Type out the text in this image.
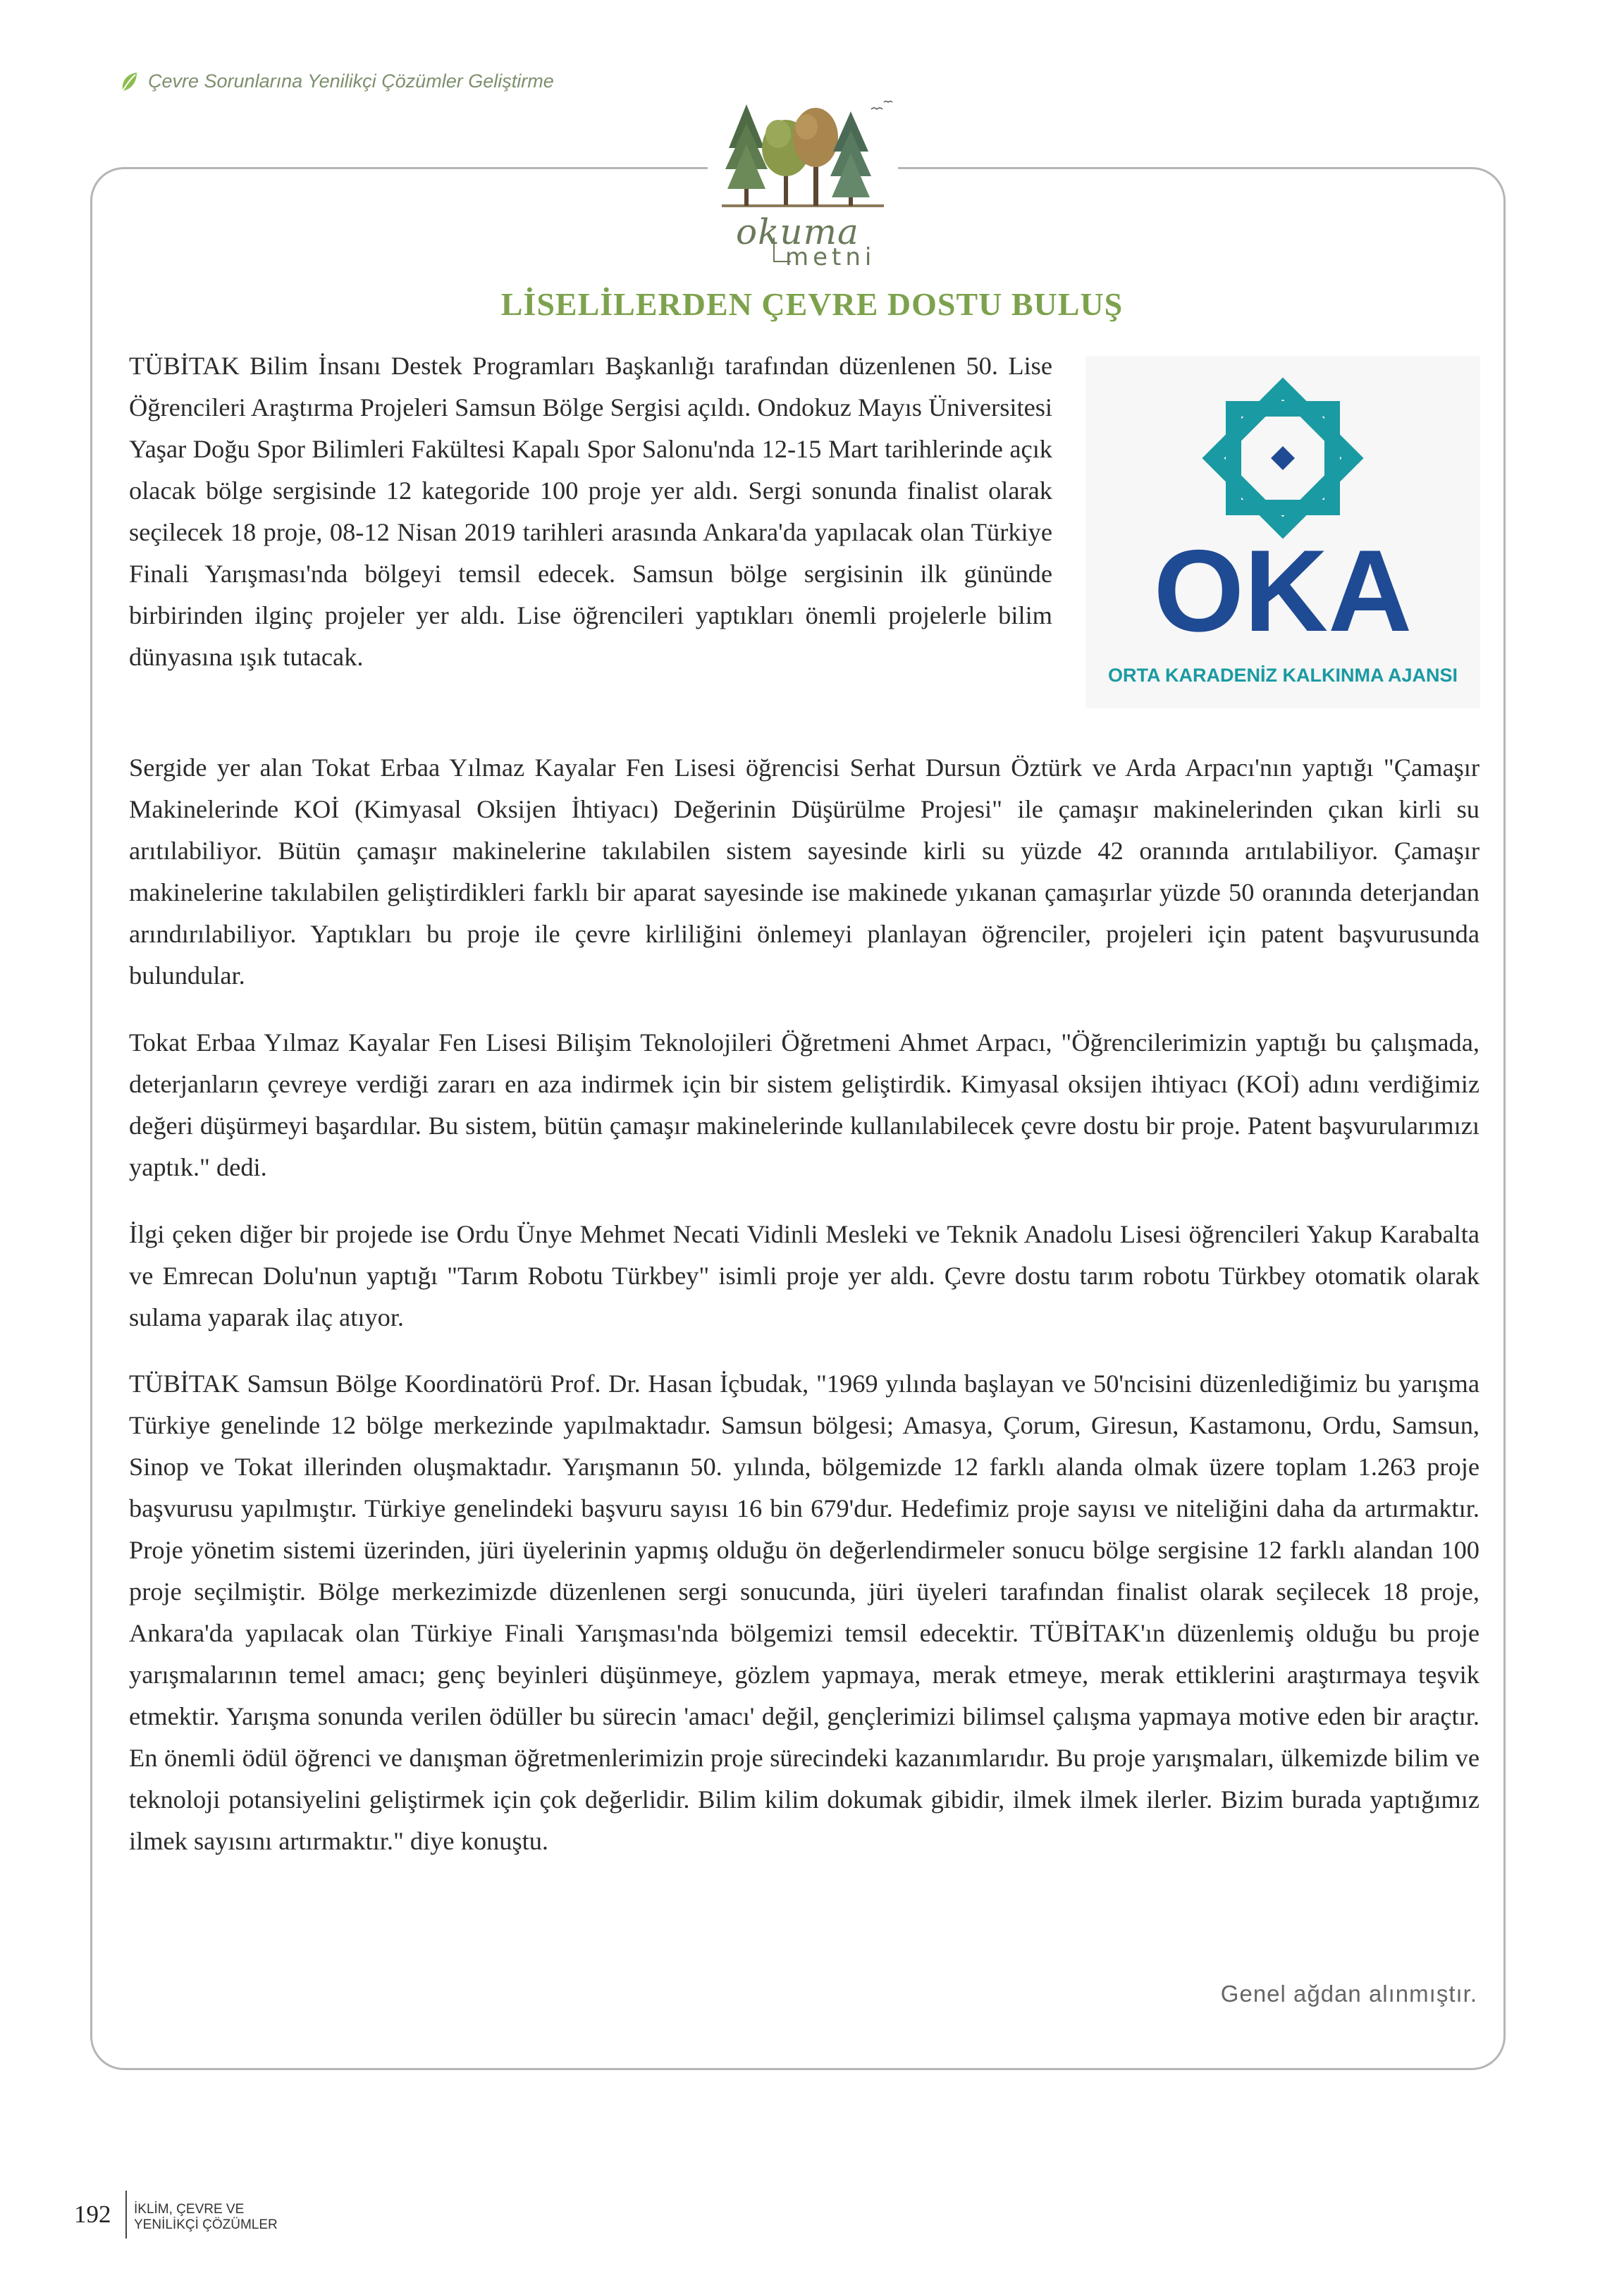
Çevre Sorunlarına Yenilikçi Çözümler Geliştirme
okuma
metni
LİSELİLERDEN ÇEVRE DOSTU BULUŞ

TÜBİTAK Bilim İnsanı Destek Programları Başkanlığı tarafından düzenlenen 50. Lise Öğrencileri Araştırma Projeleri Samsun Bölge Sergisi açıldı. Ondokuz Mayıs Üniversitesi Yaşar Doğu Spor Bilimleri Fakültesi Kapalı Spor Salonu'nda 12-15 Mart tarihlerinde açık olacak bölge sergisinde 12 kategoride 100 proje yer aldı. Sergi sonunda finalist olarak seçilecek 18 proje, 08-12 Nisan 2019 tarihleri arasında Ankara'da yapılacak olan Türkiye Finali Yarışması'nda bölgeyi temsil edecek. Samsun bölge sergisinin ilk gününde birbirinden ilginç projeler yer aldı. Lise öğrencileri yaptıkları önemli projelerle bilim dünyasına ışık tutacak.

OKA
ORTA KARADENİZ KALKINMA AJANSI

Sergide yer alan Tokat Erbaa Yılmaz Kayalar Fen Lisesi öğrencisi Serhat Dursun Öztürk ve Arda Arpacı'nın yaptığı "Çamaşır Makinelerinde KOİ (Kimyasal Oksijen İhtiyacı) Değerinin Düşürülme Projesi" ile çamaşır makinelerinden çıkan kirli su arıtılabiliyor. Bütün çamaşır makinelerine takılabilen sistem sayesinde kirli su yüzde 42 oranında arıtılabiliyor. Çamaşır makinelerine takılabilen geliştirdikleri farklı bir aparat sayesinde ise makinede yıkanan çamaşırlar yüzde 50 oranında deterjandan arındırılabiliyor. Yaptıkları bu proje ile çevre kirliliğini önlemeyi planlayan öğrenciler, projeleri için patent başvurusunda bulundular.

Tokat Erbaa Yılmaz Kayalar Fen Lisesi Bilişim Teknolojileri Öğretmeni Ahmet Arpacı, "Öğrencilerimizin yaptığı bu çalışmada, deterjanların çevreye verdiği zararı en aza indirmek için bir sistem geliştirdik. Kimyasal oksijen ihtiyacı (KOİ) adını verdiğimiz değeri düşürmeyi başardılar. Bu sistem, bütün çamaşır makinelerinde kullanılabilecek çevre dostu bir proje. Patent başvurularımızı yaptık." dedi.

İlgi çeken diğer bir projede ise Ordu Ünye Mehmet Necati Vidinli Mesleki ve Teknik Anadolu Lisesi öğrencileri Yakup Karabalta ve Emrecan Dolu'nun yaptığı "Tarım Robotu Türkbey" isimli proje yer aldı. Çevre dostu tarım robotu Türkbey otomatik olarak sulama yaparak ilaç atıyor.

TÜBİTAK Samsun Bölge Koordinatörü Prof. Dr. Hasan İçbudak, "1969 yılında başlayan ve 50'ncisini düzenlediğimiz bu yarışma Türkiye genelinde 12 bölge merkezinde yapılmaktadır. Samsun bölgesi; Amasya, Çorum, Giresun, Kastamonu, Ordu, Samsun, Sinop ve Tokat illerinden oluşmaktadır. Yarışmanın 50. yılında, bölgemizde 12 farklı alanda olmak üzere toplam 1.263 proje başvurusu yapılmıştır. Türkiye genelindeki başvuru sayısı 16 bin 679'dur. Hedefimiz proje sayısı ve niteliğini daha da artırmaktır. Proje yönetim sistemi üzerinden, jüri üyelerinin yapmış olduğu ön değerlendirmeler sonucu bölge sergisine 12 farklı alandan 100 proje seçilmiştir. Bölge merkezimizde düzenlenen sergi sonucunda, jüri üyeleri tarafından finalist olarak seçilecek 18 proje, Ankara'da yapılacak olan Türkiye Finali Yarışması'nda bölgemizi temsil edecektir. TÜBİTAK'ın düzenlemiş olduğu bu proje yarışmalarının temel amacı; genç beyinleri düşünmeye, gözlem yapmaya, merak etmeye, merak ettiklerini araştırmaya teşvik etmektir. Yarışma sonunda verilen ödüller bu sürecin 'amacı' değil, gençlerimizi bilimsel çalışma yapmaya motive eden bir araçtır. En önemli ödül öğrenci ve danışman öğretmenlerimizin proje sürecindeki kazanımlarıdır. Bu proje yarışmaları, ülkemizde bilim ve teknoloji potansiyelini geliştirmek için çok değerlidir. Bilim kilim dokumak gibidir, ilmek ilmek ilerler. Bizim burada yaptığımız ilmek sayısını artırmaktır." diye konuştu.

Genel ağdan alınmıştır.
192 İKLİM, ÇEVRE VE
YENİLİKÇİ ÇÖZÜMLER
